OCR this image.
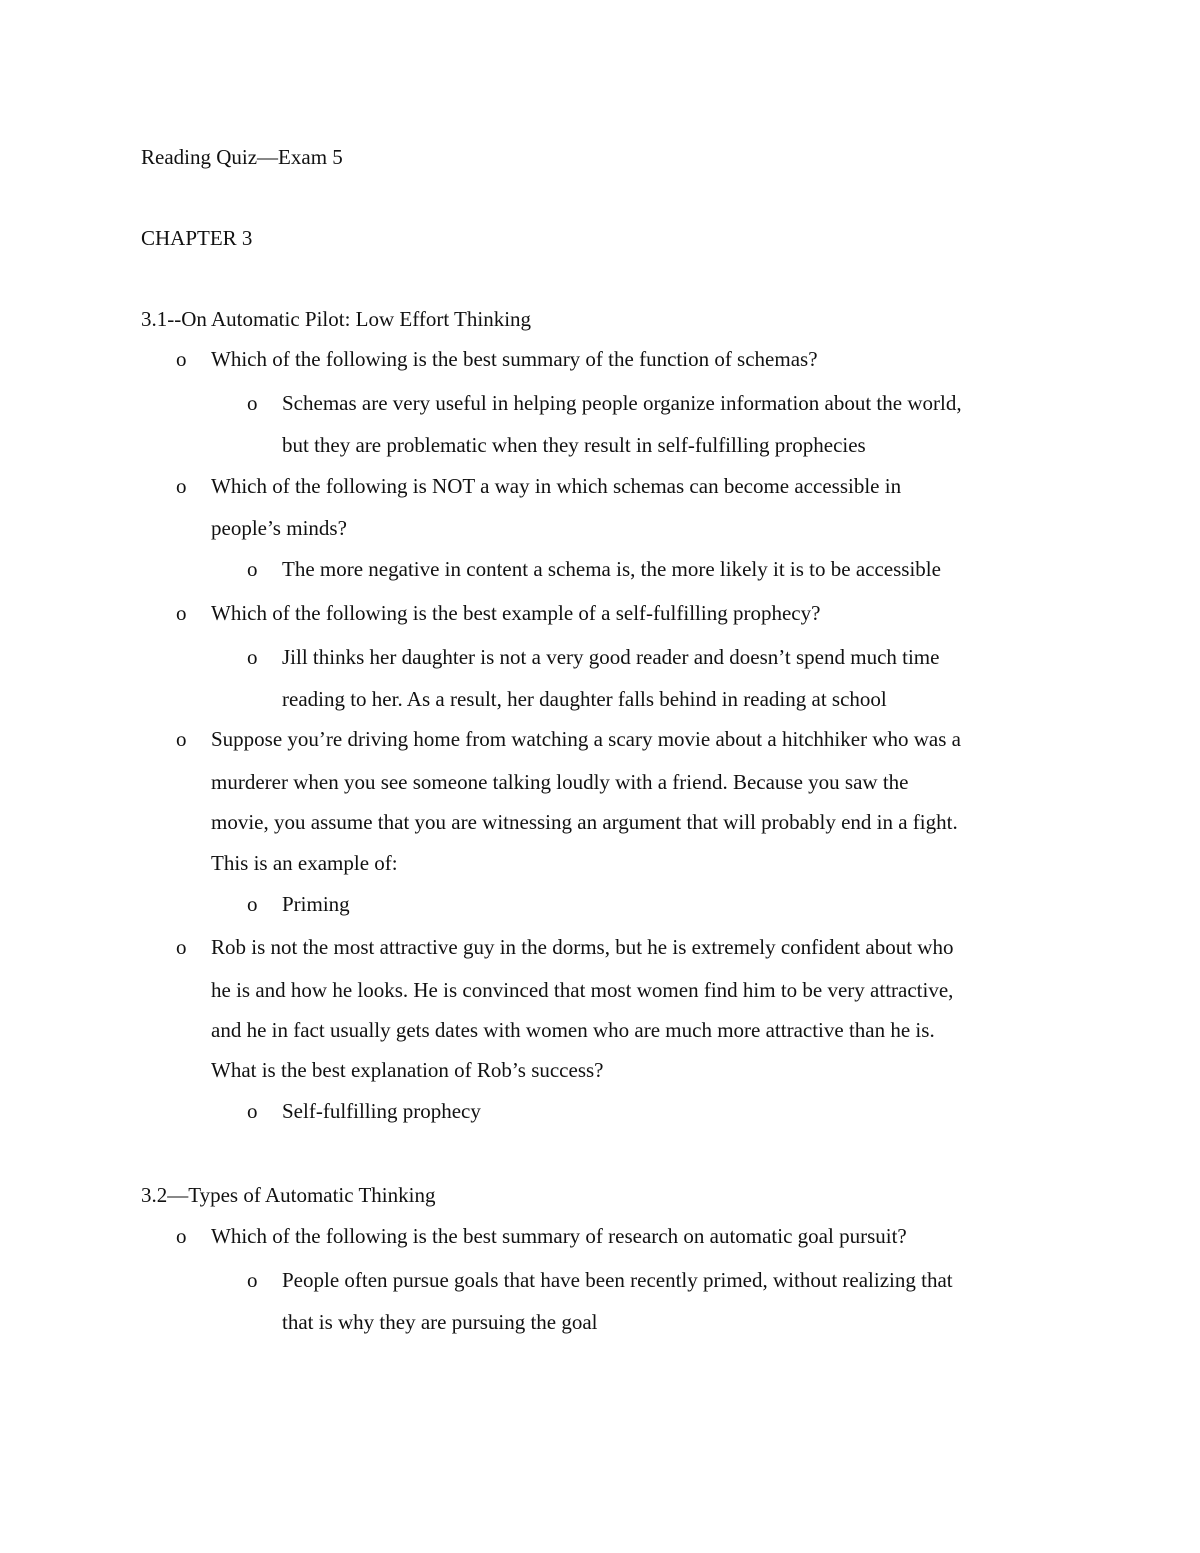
Reading Quiz—Exam 5
CHAPTER 3
3.1--On Automatic Pilot: Low Effort Thinking
o Which of the following is the best summary of the function of schemas?
o Schemas are very useful in helping people organize information about the world,
but they are problematic when they result in self-fulfilling prophecies
o Which of the following is NOT a way in which schemas can become accessible in
people’s minds?
o The more negative in content a schema is, the more likely it is to be accessible
o Which of the following is the best example of a self-fulfilling prophecy?
o Jill thinks her daughter is not a very good reader and doesn’t spend much time
reading to her. As a result, her daughter falls behind in reading at school
o Suppose you’re driving home from watching a scary movie about a hitchhiker who was a
murderer when you see someone talking loudly with a friend. Because you saw the
movie, you assume that you are witnessing an argument that will probably end in a fight.
This is an example of:
o Priming
o Rob is not the most attractive guy in the dorms, but he is extremely confident about who
he is and how he looks. He is convinced that most women find him to be very attractive,
and he in fact usually gets dates with women who are much more attractive than he is.
What is the best explanation of Rob’s success?
o Self-fulfilling prophecy
3.2—Types of Automatic Thinking
o Which of the following is the best summary of research on automatic goal pursuit?
o People often pursue goals that have been recently primed, without realizing that
that is why they are pursuing the goal
